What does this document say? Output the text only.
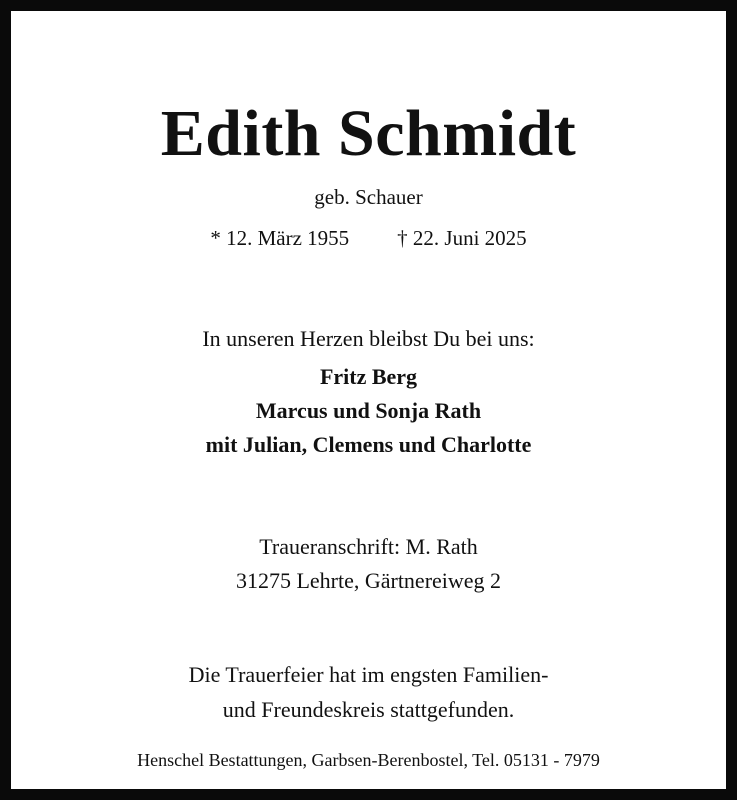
Edith Schmidt
geb. Schauer
* 12. März 1955 † 22. Juni 2025
In unseren Herzen bleibst Du bei uns:
Fritz Berg
Marcus und Sonja Rath
mit Julian, Clemens und Charlotte
Traueranschrift: M. Rath
31275 Lehrte, Gärtnereiweg 2
Die Trauerfeier hat im engsten Familien-
und Freundeskreis stattgefunden.
Henschel Bestattungen, Garbsen-Berenbostel, Tel. 05131 - 7979
